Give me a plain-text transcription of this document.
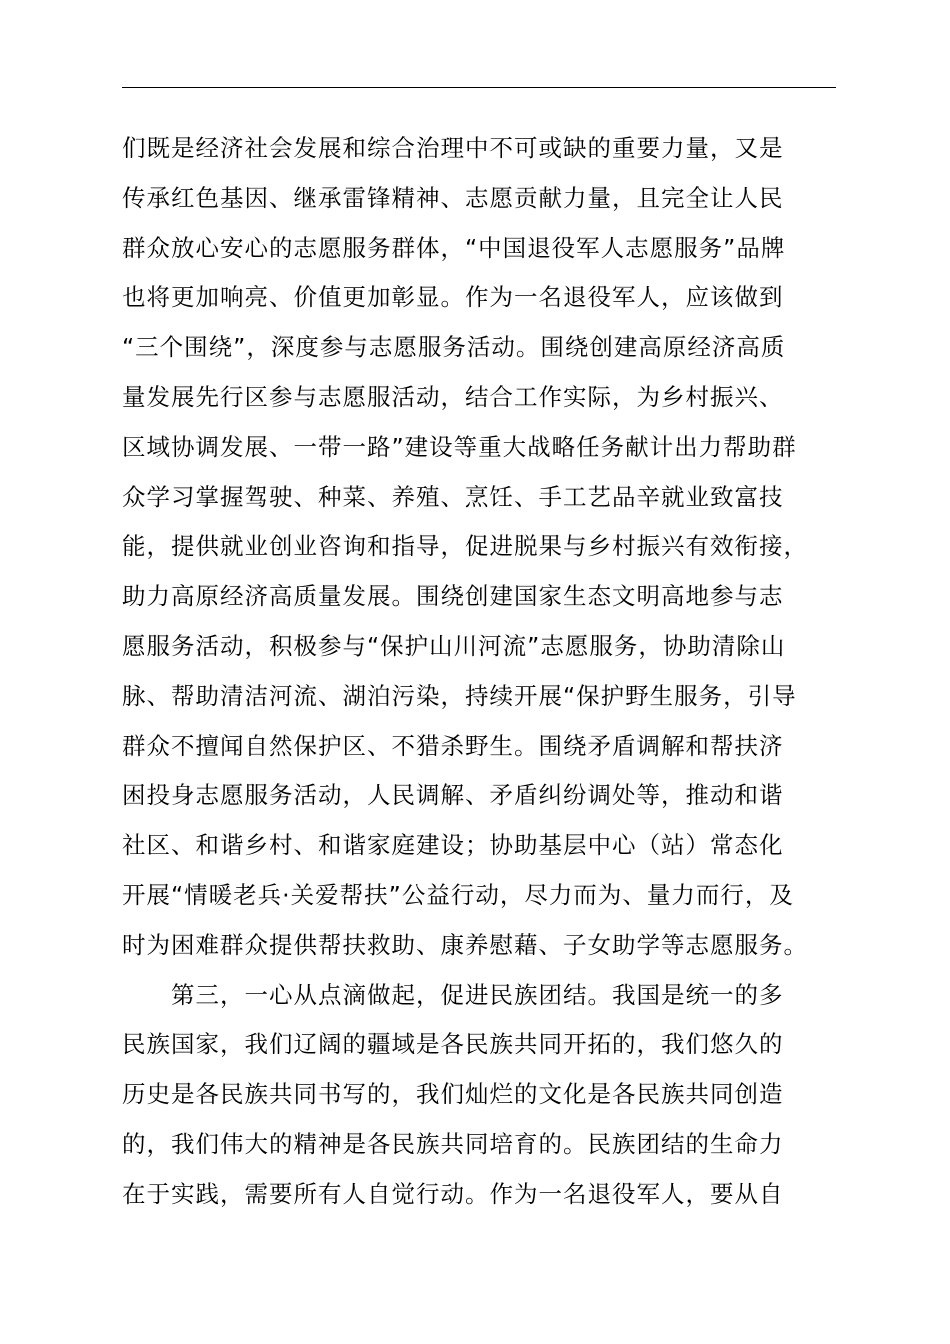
们既是经济社会发展和综合治理中不可或缺的重要力量，又是
传承红色基因、继承雷锋精神、志愿贡献力量，且完全让人民
群众放心安心的志愿服务群体，“中国退役军人志愿服务”品牌
也将更加响亮、价值更加彰显。作为一名退役军人，应该做到
“三个围绕”，深度参与志愿服务活动。围绕创建高原经济高质
量发展先行区参与志愿服活动，结合工作实际，为乡村振兴、
区域协调发展、一带一路”建设等重大战略任务献计出力帮助群
众学习掌握驾驶、种菜、养殖、烹饪、手工艺品辛就业致富技
能，提供就业创业咨询和指导，促进脱果与乡村振兴有效衔接，
助力高原经济高质量发展。围绕创建国家生态文明高地参与志
愿服务活动，积极参与“保护山川河流”志愿服务，协助清除山
脉、帮助清洁河流、湖泊污染，持续开展“保护野生服务，引导
群众不擅闻自然保护区、不猎杀野生。围绕矛盾调解和帮扶济
困投身志愿服务活动，人民调解、矛盾纠纷调处等，推动和谐
社区、和谐乡村、和谐家庭建设；协助基层中心（站）常态化
开展“情暖老兵·关爱帮扶”公益行动，尽力而为、量力而行，及
时为困难群众提供帮扶救助、康养慰藉、子女助学等志愿服务。
　　第三，一心从点滴做起，促进民族团结。我国是统一的多
民族国家，我们辽阔的疆域是各民族共同开拓的，我们悠久的
历史是各民族共同书写的，我们灿烂的文化是各民族共同创造
的，我们伟大的精神是各民族共同培育的。民族团结的生命力
在于实践，需要所有人自觉行动。作为一名退役军人，要从自
